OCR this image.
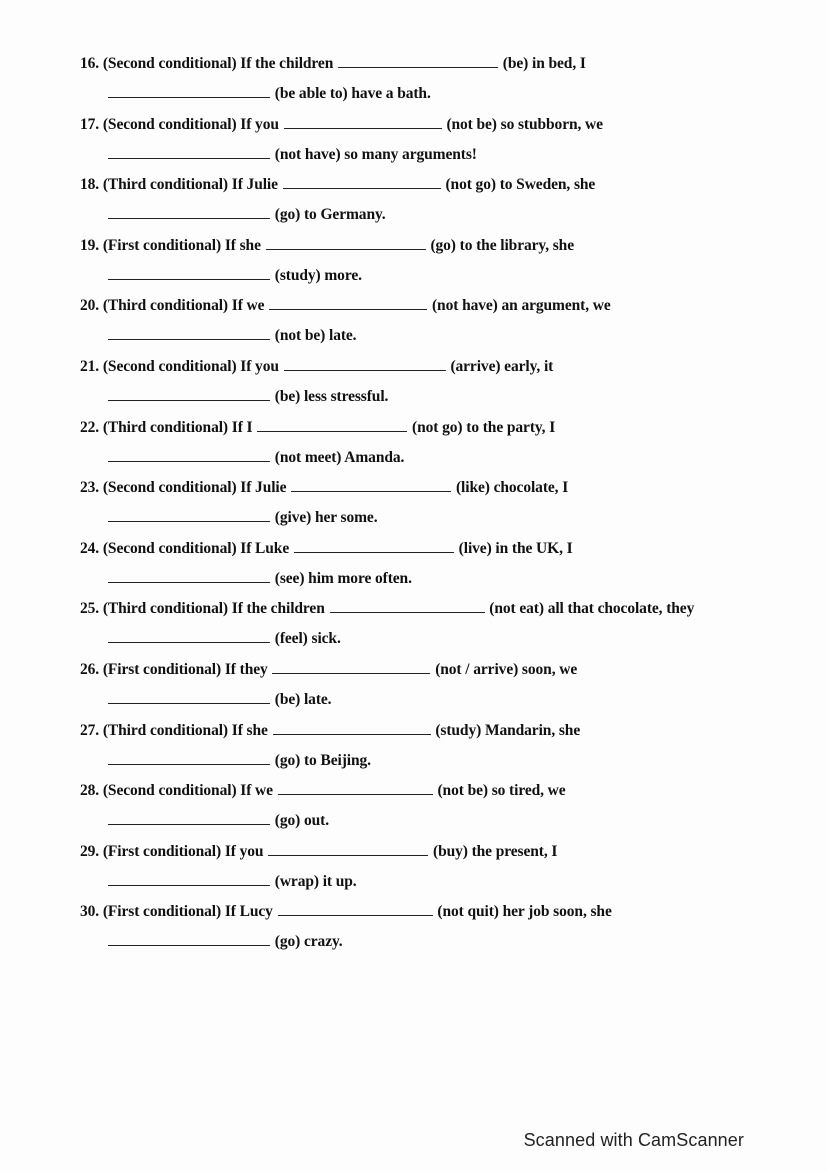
16. (Second conditional) If the children	(be) in bed, I
(be able to) have a bath.
17. (Second conditional) If you	(not be) so stubborn, we
(not have) so many arguments!
18. (Third conditional) If Julie	(not go) to Sweden, she
(go) to Germany.
19. (First conditional) If she	(go) to the library, she
(study) more.
20. (Third conditional) If we	(not have) an argument, we
(not be) late.
21. (Second conditional) If you	(arrive) early, it
(be) less stressful.
22. (Third conditional) If I	(not go) to the party, I
(not meet) Amanda.
23. (Second conditional) If Julie	(like) chocolate, I
(give) her some.
24. (Second conditional) If Luke	(live) in the UK, I
(see) him more often.
25. (Third conditional) If the children	(not eat) all that chocolate, they
(feel) sick.
26. (First conditional) If they	(not / arrive) soon, we
(be) late.
27. (Third conditional) If she	(study) Mandarin, she
(go) to Beijing.
28. (Second conditional) If we	(not be) so tired, we
(go) out.
29. (First conditional) If you	(buy) the present, I
(wrap) it up.
30. (First conditional) If Lucy	(not quit) her job soon, she
(go) crazy.
Scanned with CamScanner
